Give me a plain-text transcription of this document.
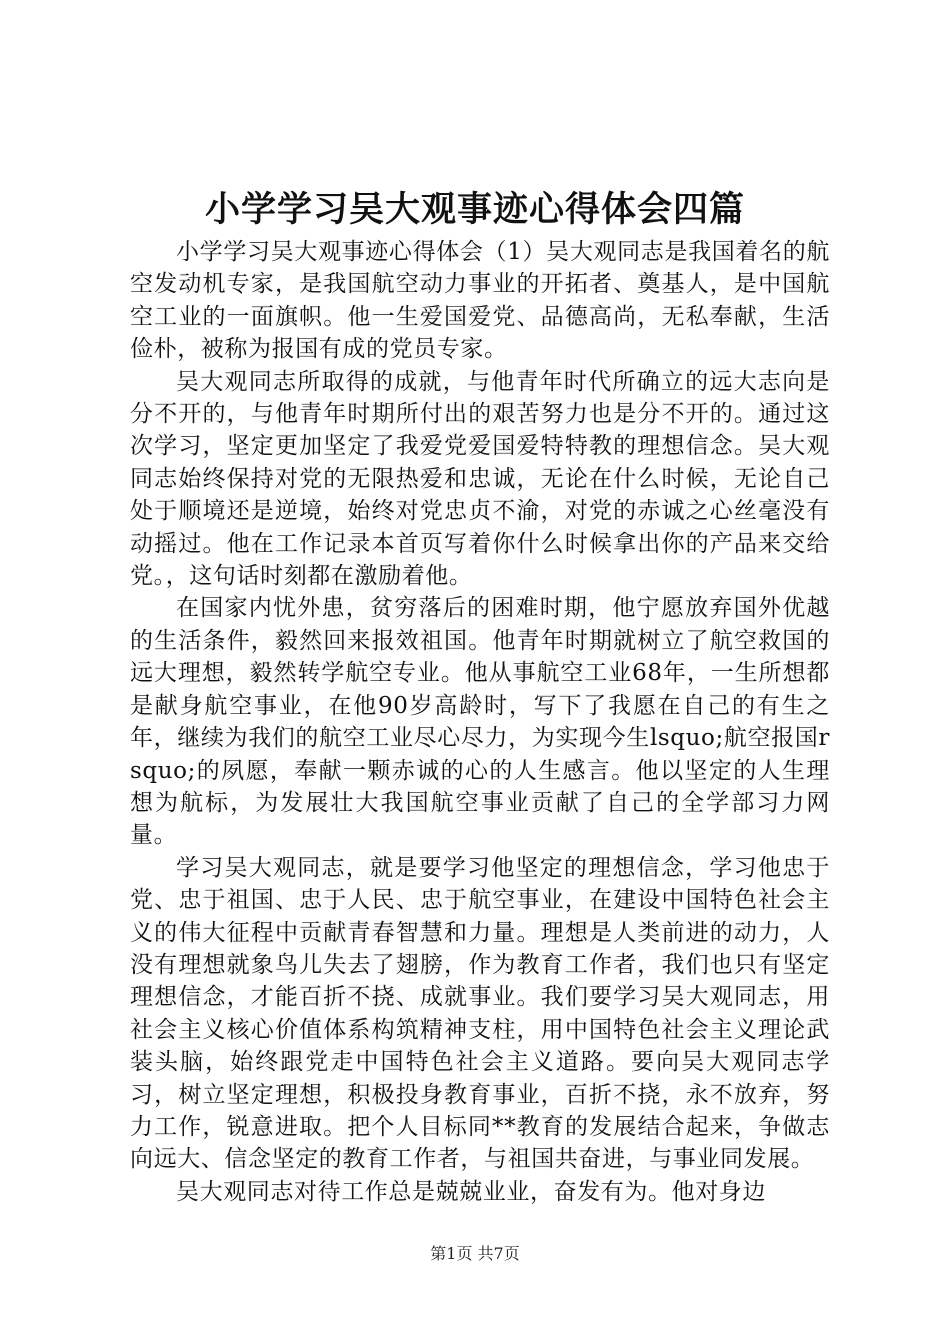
小学学习吴大观事迹心得体会四篇

小学学习吴大观事迹心得体会（1）吴大观同志是我国着名的航空发动机专家，是我国航空动力事业的开拓者、奠基人，是中国航空工业的一面旗帜。他一生爱国爱党、品德高尚，无私奉献，生活俭朴，被称为报国有成的党员专家。

吴大观同志所取得的成就，与他青年时代所确立的远大志向是分不开的，与他青年时期所付出的艰苦努力也是分不开的。通过这次学习，坚定更加坚定了我爱党爱国爱特特教的理想信念。吴大观同志始终保持对党的无限热爱和忠诚，无论在什么时候，无论自己处于顺境还是逆境，始终对党忠贞不渝，对党的赤诚之心丝毫没有动摇过。他在工作记录本首页写着你什么时候拿出你的产品来交给党。，这句话时刻都在激励着他。

在国家内忧外患，贫穷落后的困难时期，他宁愿放弃国外优越的生活条件，毅然回来报效祖国。他青年时期就树立了航空救国的远大理想，毅然转学航空专业。他从事航空工业68年，一生所想都是献身航空事业，在他90岁高龄时，写下了我愿在自己的有生之年，继续为我们的航空工业尽心尽力，为实现今生lsquo;航空报国rsquo;的夙愿，奉献一颗赤诚的心的人生感言。他以坚定的人生理想为航标，为发展壮大我国航空事业贡献了自己的全学部习力网量。

学习吴大观同志，就是要学习他坚定的理想信念，学习他忠于党、忠于祖国、忠于人民、忠于航空事业，在建设中国特色社会主义的伟大征程中贡献青春智慧和力量。理想是人类前进的动力，人没有理想就象鸟儿失去了翅膀，作为教育工作者，我们也只有坚定理想信念，才能百折不挠、成就事业。我们要学习吴大观同志，用社会主义核心价值体系构筑精神支柱，用中国特色社会主义理论武装头脑，始终跟党走中国特色社会主义道路。要向吴大观同志学习，树立坚定理想，积极投身教育事业，百折不挠，永不放弃，努力工作，锐意进取。把个人目标同**教育的发展结合起来，争做志向远大、信念坚定的教育工作者，与祖国共奋进，与事业同发展。

吴大观同志对待工作总是兢兢业业，奋发有为。他对身边

第1页 共7页
